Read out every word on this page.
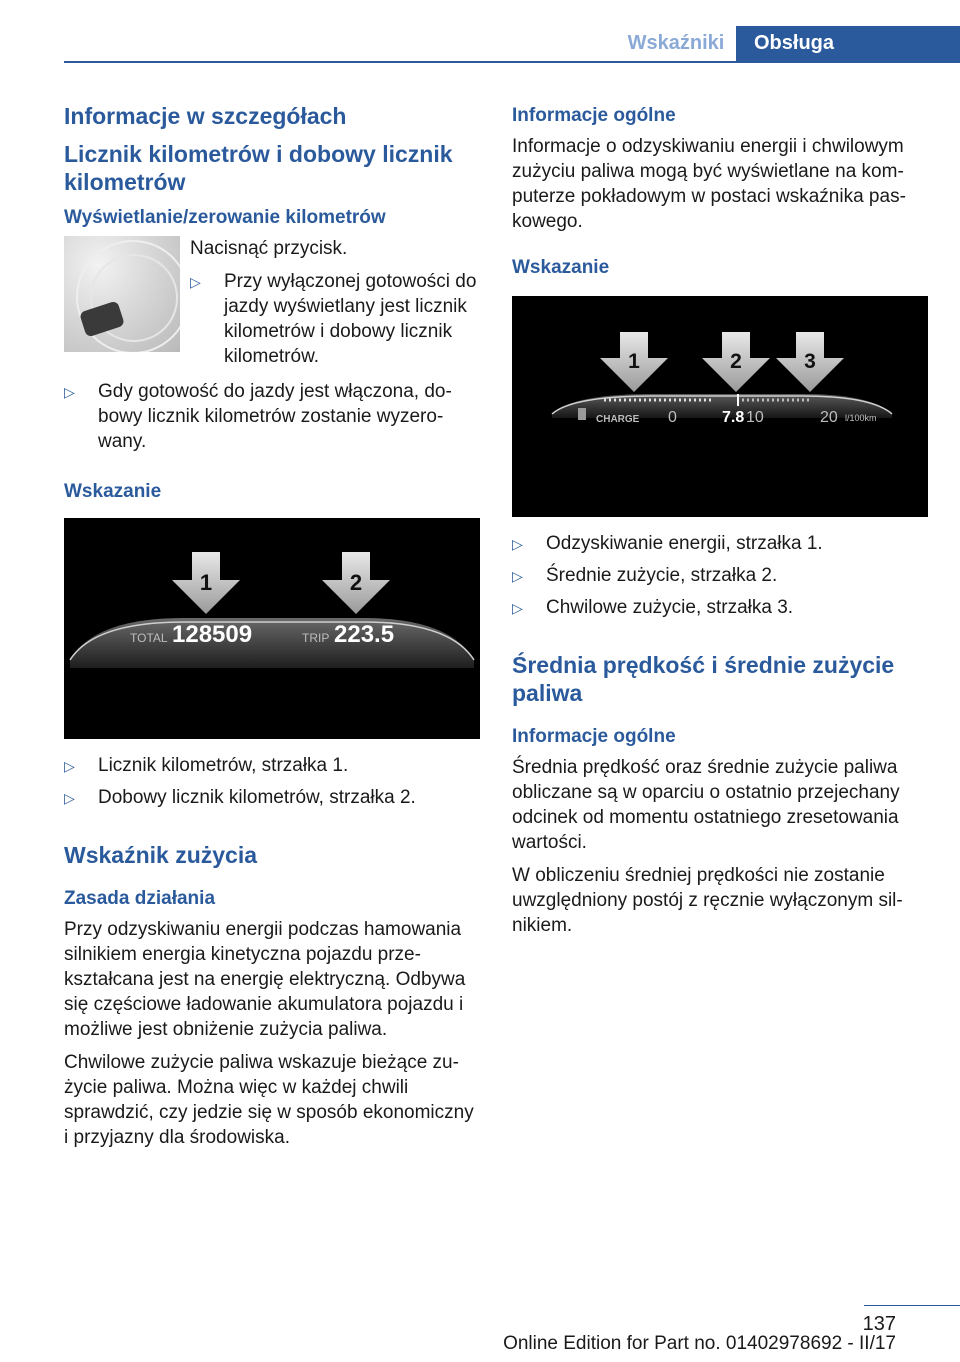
Wskaźniki	Obsługa
Informacje w szczegółach
Licznik kilometrów i dobowy licznik kilometrów
Wyświetlanie/zerowanie kilometrów
Nacisnąć przycisk.
▷	Przy wyłączonej gotowości do jazdy wyświetlany jest licznik kilometrów i dobowy licznik kilometrów.
▷	Gdy gotowość do jazdy jest włączona, dobowy licznik kilometrów zostanie wyzerowany.
Wskazanie
1	2
TOTAL 128509	TRIP 223.5
▷	Licznik kilometrów, strzałka 1.
▷	Dobowy licznik kilometrów, strzałka 2.
Wskaźnik zużycia
Zasada działania
Przy odzyskiwaniu energii podczas hamowania silnikiem energia kinetyczna pojazdu przekształcana jest na energię elektryczną. Odbywa się częściowe ładowanie akumulatora pojazdu i możliwe jest obniżenie zużycia paliwa.
Chwilowe zużycie paliwa wskazuje bieżące zużycie paliwa. Można więc w każdej chwili sprawdzić, czy jedzie się w sposób ekonomiczny i przyjazny dla środowiska.
Informacje ogólne
Informacje o odzyskiwaniu energii i chwilowym zużyciu paliwa mogą być wyświetlane na komputerze pokładowym w postaci wskaźnika paskowego.
Wskazanie
1	2	3
CHARGE 0	7.8 10	20 l/100km
▷	Odzyskiwanie energii, strzałka 1.
▷	Średnie zużycie, strzałka 2.
▷	Chwilowe zużycie, strzałka 3.
Średnia prędkość i średnie zużycie paliwa
Informacje ogólne
Średnia prędkość oraz średnie zużycie paliwa obliczane są w oparciu o ostatnio przejechany odcinek od momentu ostatniego zresetowania wartości.
W obliczeniu średniej prędkości nie zostanie uwzględniony postój z ręcznie wyłączonym silnikiem.
137
Online Edition for Part no. 01402978692 - II/17
